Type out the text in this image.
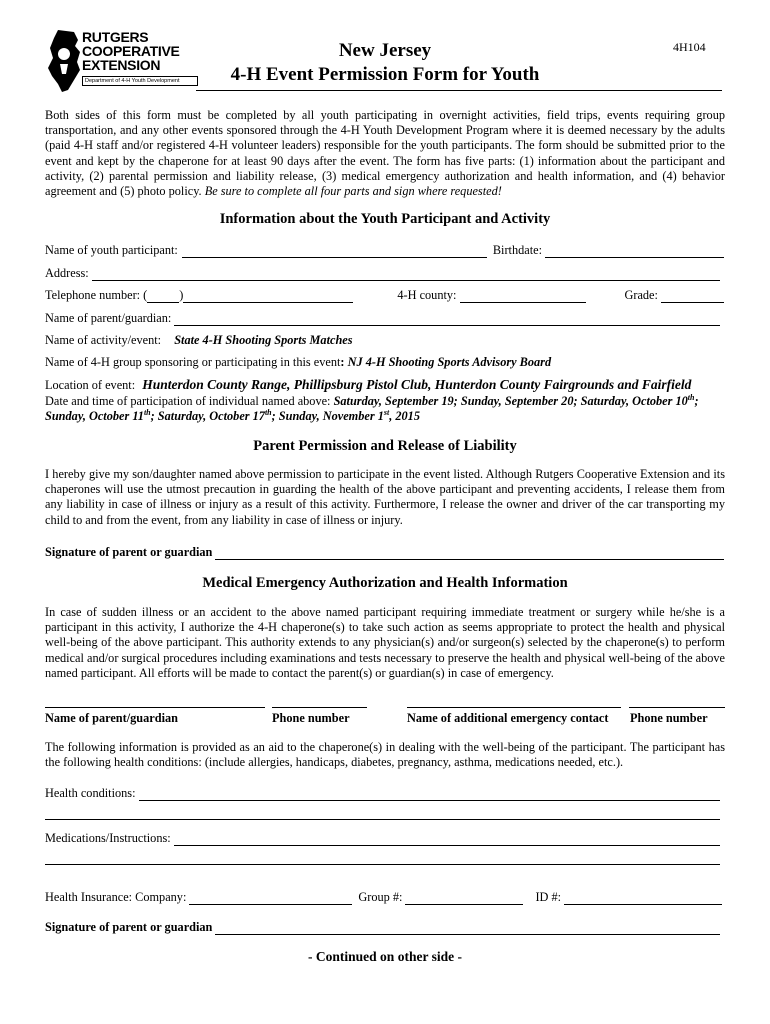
RUTGERS
COOPERATIVE
EXTENSION
Department of 4-H Youth Development
New Jersey
4-H Event Permission Form for Youth
4H104

Both sides of this form must be completed by all youth participating in overnight activities, field trips, events requiring group transportation, and any other events sponsored through the 4-H Youth Development Program where it is deemed necessary by the adults (paid 4-H staff and/or registered 4-H volunteer leaders) responsible for the youth participants. The form should be submitted prior to the event and kept by the chaperone for at least 90 days after the event. The form has five parts: (1) information about the participant and activity, (2) parental permission and liability release, (3) medical emergency authorization and health information, and (4) behavior agreement and (5) photo policy. Be sure to complete all four parts and sign where requested!

Information about the Youth Participant and Activity
Name of youth participant:	Birthdate:
Address:
Telephone number: (	)	4-H county:	Grade:
Name of parent/guardian:
Name of activity/event: State 4-H Shooting Sports Matches
Name of 4-H group sponsoring or participating in this event: NJ 4-H Shooting Sports Advisory Board
Location of event: Hunterdon County Range, Phillipsburg Pistol Club, Hunterdon County Fairgrounds and Fairfield
Date and time of participation of individual named above: Saturday, September 19; Sunday, September 20; Saturday, October 10th;
Sunday, October 11th; Saturday, October 17th; Sunday, November 1st, 2015
Parent Permission and Release of Liability

I hereby give my son/daughter named above permission to participate in the event listed. Although Rutgers Cooperative Extension and its chaperones will use the utmost precaution in guarding the health of the above participant and preventing accidents, I release them from any liability in case of illness or injury as a result of this activity. Furthermore, I release the owner and driver of the car transporting my child to and from the event, from any liability in case of illness or injury.

Signature of parent or guardian
Medical Emergency Authorization and Health Information

In case of sudden illness or an accident to the above named participant requiring immediate treatment or surgery while he/she is a participant in this activity, I authorize the 4-H chaperone(s) to take such action as seems appropriate to protect the health and physical well-being of the above participant. This authority extends to any physician(s) and/or surgeon(s) selected by the chaperone(s) to perform medical and/or surgical procedures including examinations and tests necessary to preserve the health and physical well-being of the above named participant. All efforts will be made to contact the parent(s) or guardian(s) in case of emergency.

Name of parent/guardian	Phone number	Name of additional emergency contact Phone number

The following information is provided as an aid to the chaperone(s) in dealing with the well-being of the participant. The participant has the following health conditions: (include allergies, handicaps, diabetes, pregnancy, asthma, medications needed, etc.).

Health conditions:
Medications/Instructions:
Health Insurance: Company:	Group #:	ID #:
Signature of parent or guardian
- Continued on other side -
